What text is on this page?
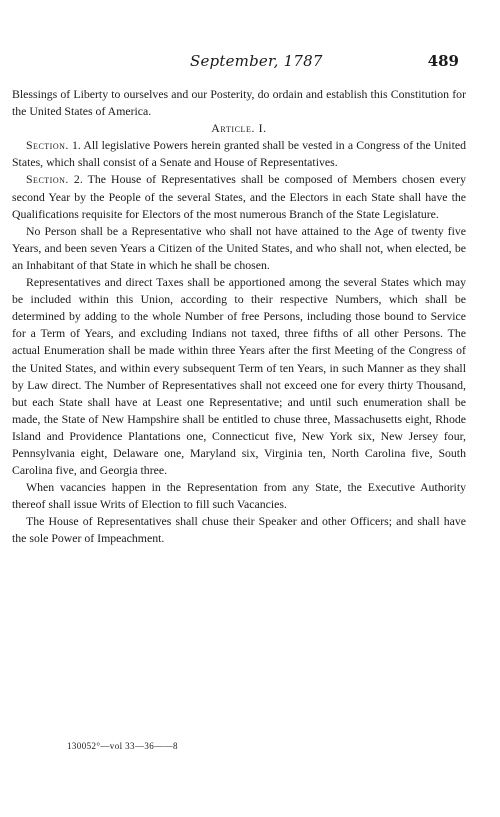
September, 1787	489

Blessings of Liberty to ourselves and our Posterity, do ordain and establish this Constitution for the United States of America.

Article. I.

Section. 1. All legislative Powers herein granted shall be vested in a Congress of the United States, which shall consist of a Senate and House of Representatives.

Section. 2. The House of Representatives shall be composed of Members chosen every second Year by the People of the several States, and the Electors in each State shall have the Qualifications requisite for Electors of the most numerous Branch of the State Legislature.

No Person shall be a Representative who shall not have attained to the Age of twenty five Years, and been seven Years a Citizen of the United States, and who shall not, when elected, be an Inhabitant of that State in which he shall be chosen.

Representatives and direct Taxes shall be apportioned among the several States which may be included within this Union, according to their respective Numbers, which shall be determined by adding to the whole Number of free Persons, including those bound to Service for a Term of Years, and excluding Indians not taxed, three fifths of all other Persons. The actual Enumeration shall be made within three Years after the first Meeting of the Congress of the United States, and within every subsequent Term of ten Years, in such Manner as they shall by Law direct. The Number of Representatives shall not exceed one for every thirty Thousand, but each State shall have at Least one Representative; and until such enumeration shall be made, the State of New Hampshire shall be entitled to chuse three, Massachusetts eight, Rhode Island and Providence Plantations one, Connecticut five, New York six, New Jersey four, Pennsylvania eight, Delaware one, Maryland six, Virginia ten, North Carolina five, South Carolina five, and Georgia three.

When vacancies happen in the Representation from any State, the Executive Authority thereof shall issue Writs of Election to fill such Vacancies.

The House of Representatives shall chuse their Speaker and other Officers; and shall have the sole Power of Impeachment.

130052°—vol 33—36——8
